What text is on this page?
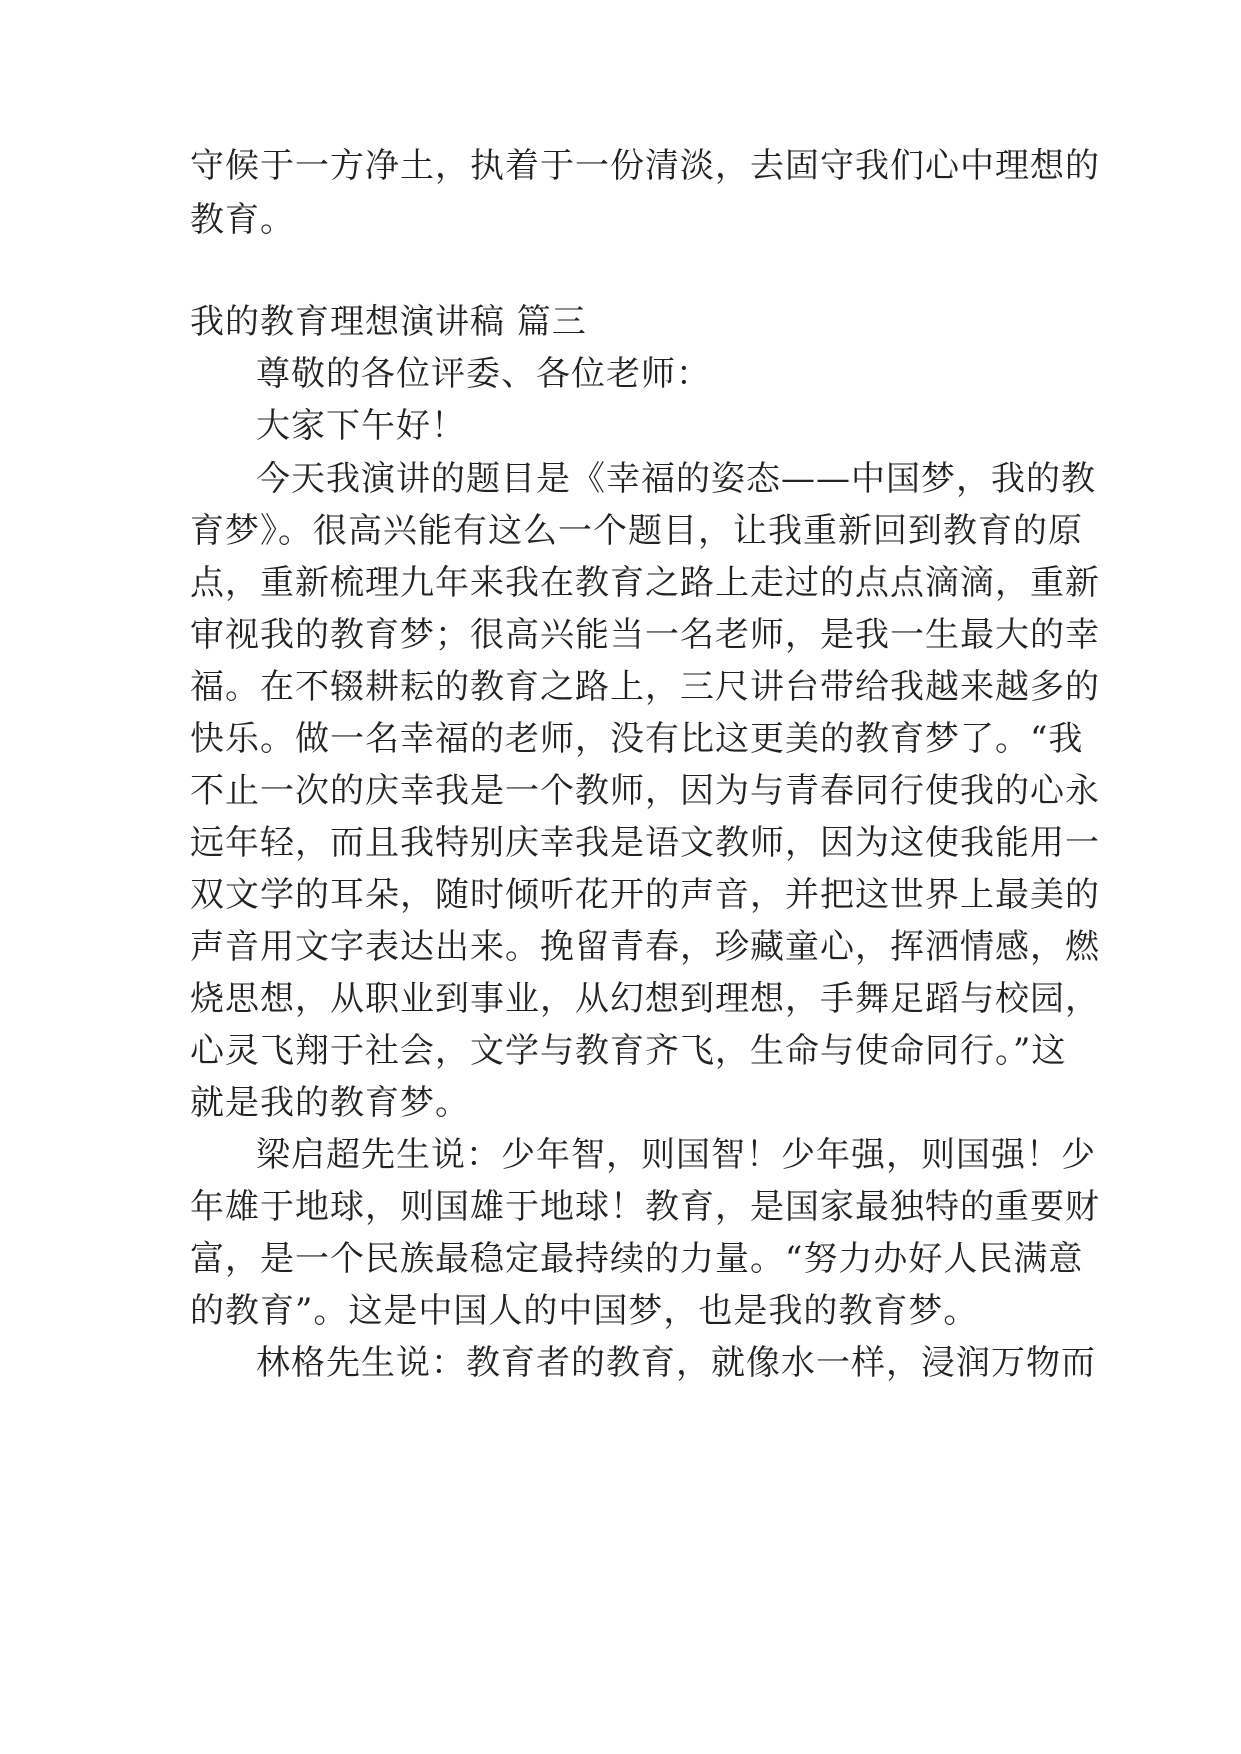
守候于一方净土，执着于一份清淡，去固守我们心中理想的
教育。
我的教育理想演讲稿 篇三
尊敬的各位评委、各位老师：
大家下午好！
今天我演讲的题目是《幸福的姿态——中国梦，我的教
育梦》。很高兴能有这么一个题目，让我重新回到教育的原
点，重新梳理九年来我在教育之路上走过的点点滴滴，重新
审视我的教育梦；很高兴能当一名老师，是我一生最大的幸
福。在不辍耕耘的教育之路上，三尺讲台带给我越来越多的
快乐。做一名幸福的老师，没有比这更美的教育梦了。“我
不止一次的庆幸我是一个教师，因为与青春同行使我的心永
远年轻，而且我特别庆幸我是语文教师，因为这使我能用一
双文学的耳朵，随时倾听花开的声音，并把这世界上最美的
声音用文字表达出来。挽留青春，珍藏童心，挥洒情感，燃
烧思想，从职业到事业，从幻想到理想，手舞足蹈与校园，
心灵飞翔于社会，文学与教育齐飞，生命与使命同行。”这
就是我的教育梦。
梁启超先生说：少年智，则国智！少年强，则国强！少
年雄于地球，则国雄于地球！教育，是国家最独特的重要财
富，是一个民族最稳定最持续的力量。“努力办好人民满意
的教育”。这是中国人的中国梦，也是我的教育梦。
林格先生说：教育者的教育，就像水一样，浸润万物而
